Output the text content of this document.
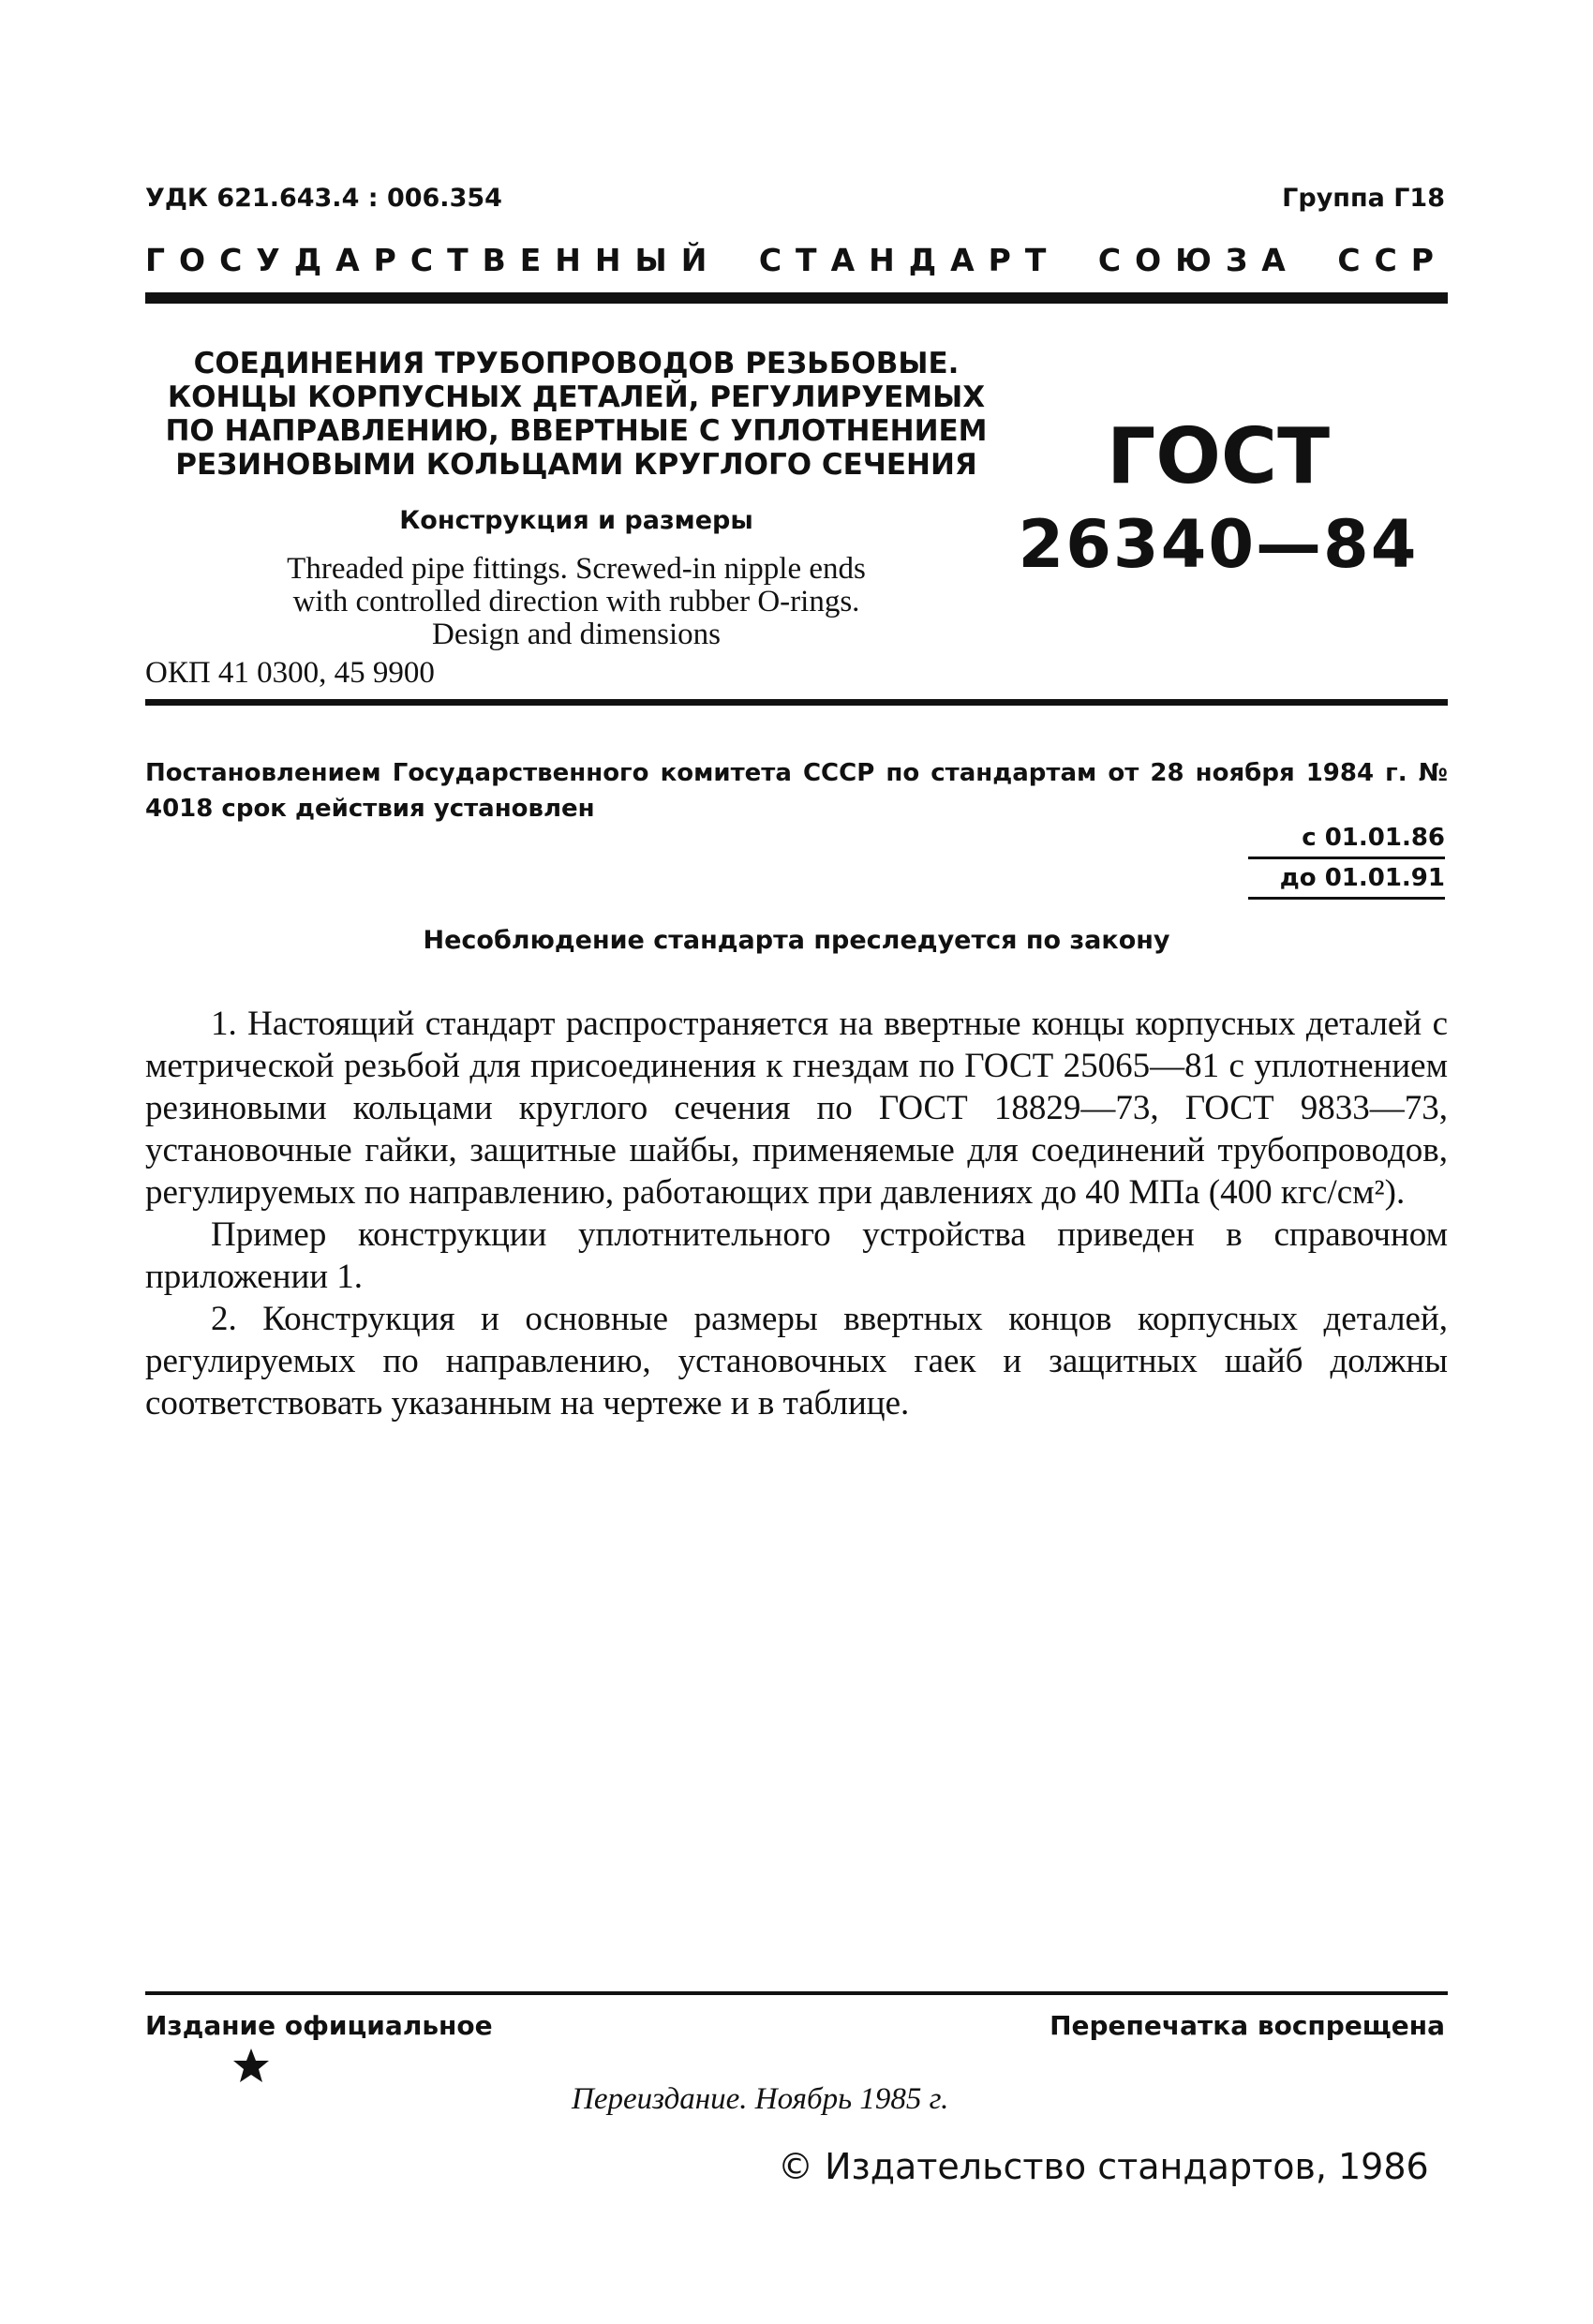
УДК 621.643.4 : 006.354	Группа Г18
ГОСУДАРСТВЕННЫЙ СТАНДАРТ СОЮЗА ССР
СОЕДИНЕНИЯ ТРУБОПРОВОДОВ РЕЗЬБОВЫЕ.
КОНЦЫ КОРПУСНЫХ ДЕТАЛЕЙ, РЕГУЛИРУЕМЫХ
ПО НАПРАВЛЕНИЮ, ВВЕРТНЫЕ С УПЛОТНЕНИЕМ
РЕЗИНОВЫМИ КОЛЬЦАМИ КРУГЛОГО СЕЧЕНИЯ
Конструкция и размеры
Threaded pipe fittings. Screwed-in nipple ends
with controlled direction with rubber O-rings.
Design and dimensions
ОКП 41 0300, 45 9900
ГОСТ
26340—84
Постановлением Государственного комитета СССР по стандартам от 28 ноября 1984 г. № 4018 срок действия установлен
с 01.01.86
до 01.01.91
Несоблюдение стандарта преследуется по закону

1. Настоящий стандарт распространяется на ввертные концы корпусных деталей с метрической резьбой для присоединения к гнездам по ГОСТ 25065—81 с уплотнением резиновыми кольцами круглого сечения по ГОСТ 18829—73, ГОСТ 9833—73, установочные гайки, защитные шайбы, применяемые для соединений трубопроводов, регулируемых по направлению, работающих при давлениях до 40 МПа (400 кгс/см²).

Пример конструкции уплотнительного устройства приведен в справочном приложении 1.

2. Конструкция и основные размеры ввертных концов корпусных деталей, регулируемых по направлению, установочных гаек и защитных шайб должны соответствовать указанным на чертеже и в таблице.

Издание официальное	Перепечатка воспрещена
Переиздание. Ноябрь 1985 г.
© Издательство стандартов, 1986
